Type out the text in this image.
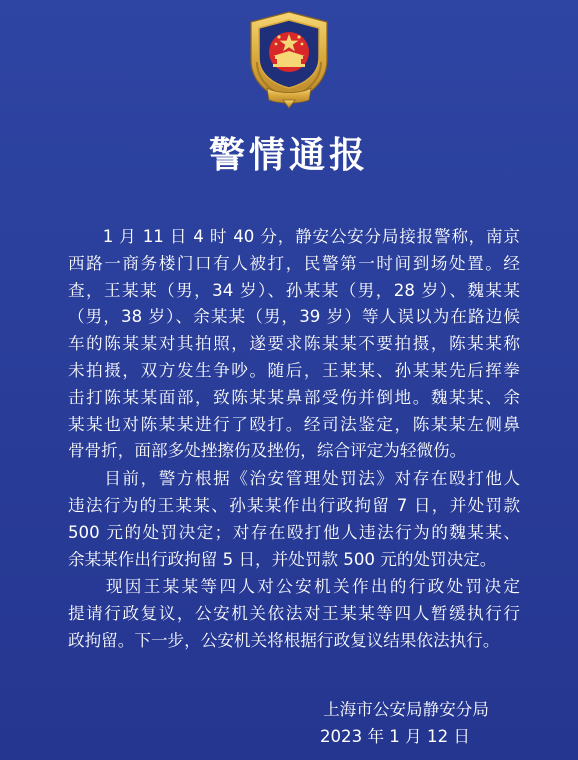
警情通报
　　1 月 11 日 4 时 40 分，静安公安分局接报警称，南京
西路一商务楼门口有人被打，民警第一时间到场处置。经
查，王某某（男，34 岁）、孙某某（男，28 岁）、魏某某
（男，38 岁）、余某某（男，39 岁）等人误以为在路边候
车的陈某某对其拍照，遂要求陈某某不要拍摄，陈某某称
未拍摄，双方发生争吵。随后，王某某、孙某某先后挥拳
击打陈某某面部，致陈某某鼻部受伤并倒地。魏某某、余
某某也对陈某某进行了殴打。经司法鉴定，陈某某左侧鼻
骨骨折，面部多处挫擦伤及挫伤，综合评定为轻微伤。
　　目前，警方根据《治安管理处罚法》对存在殴打他人
违法行为的王某某、孙某某作出行政拘留 7 日，并处罚款
500 元的处罚决定；对存在殴打他人违法行为的魏某某、
余某某作出行政拘留 5 日，并处罚款 500 元的处罚决定。
　　现因王某某等四人对公安机关作出的行政处罚决定
提请行政复议，公安机关依法对王某某等四人暂缓执行行
政拘留。下一步，公安机关将根据行政复议结果依法执行。
上海市公安局静安分局
2023 年 1 月 12 日
